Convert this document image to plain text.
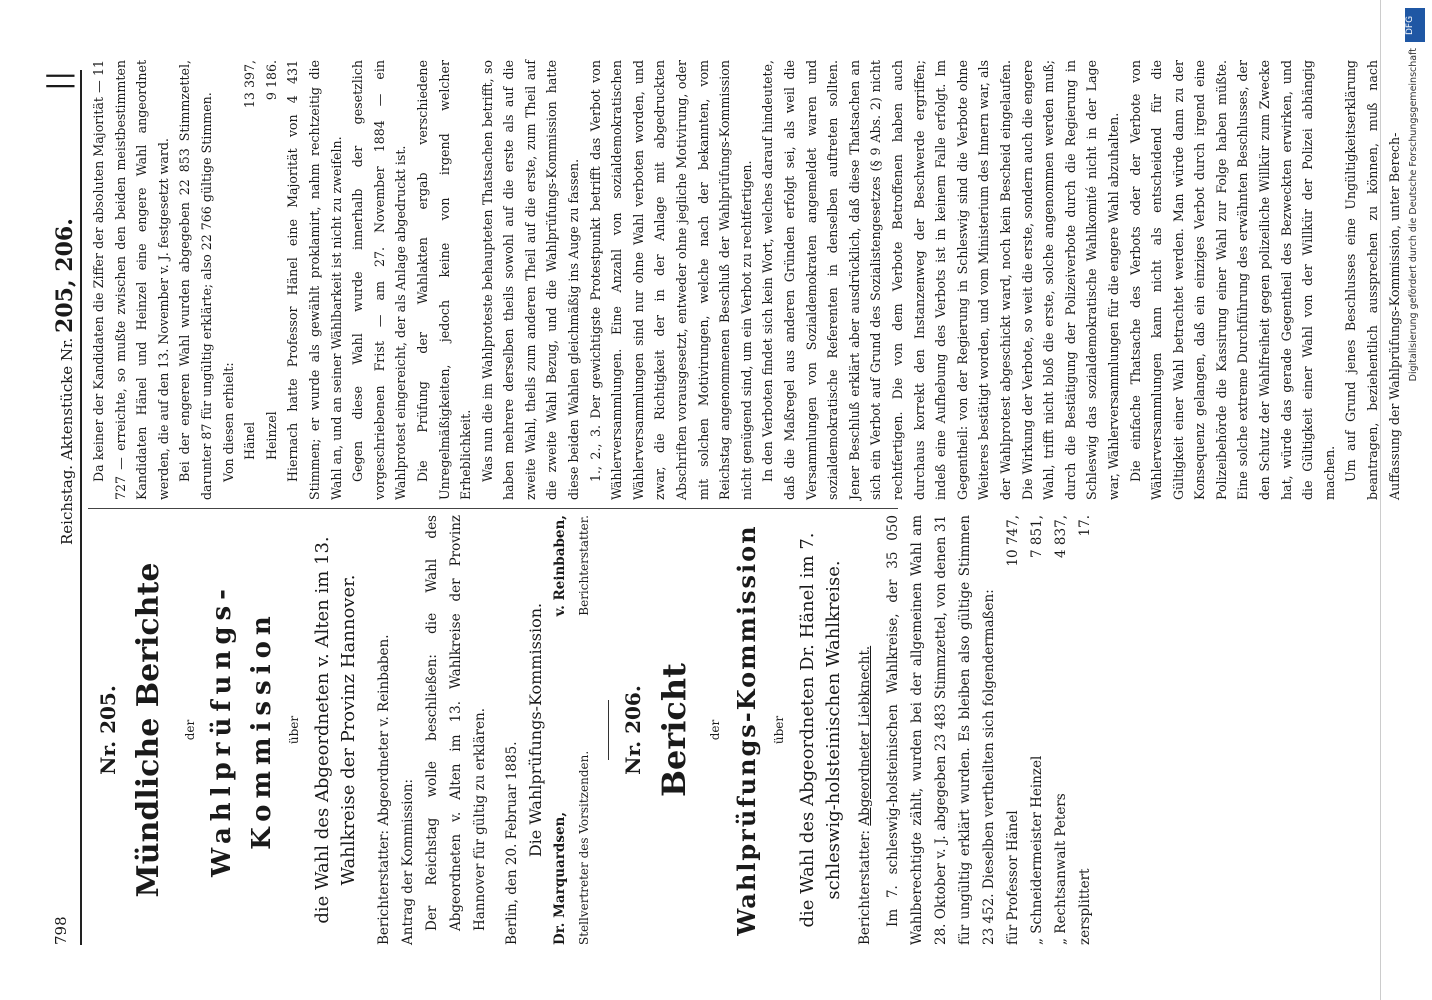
798
Reichstag. Aktenstücke Nr. 205, 206.
||
Nr. 205. Mündliche Berichte	der Wahlprüfungs-Kommission über die Wahl des Abgeordneten v. Alten im 13. Wahlkreise der Provinz Hannover. Berichterstatter: Abgeordneter v. Reinbaben. Antrag der Kommission: Der Reichstag wolle beschließen: die Wahl des Abgeordneten v. Alten im 13. Wahlkreise der Provinz Hannover für gültig zu erklären. Berlin, den 20. Februar 1885. Die Wahlprüfungs-Kommission.
Dr. Marquardsen,
v. Reinbaben,
Stellvertreter des Vorsitzenden.
Berichterstatter.
Nr. 206. Bericht	der Wahlprüfungs-Kommission über die Wahl des Abgeordneten Dr. Hänel im 7. schleswig-holsteinischen Wahlkreise. Berichterstatter: Abgeordneter Liebknecht. Im 7. schleswig-holsteinischen Wahlkreise, der 35 050 Wahlberechtigte zählt, wurden bei der allgemeinen Wahl am 28. Oktober v. J. abgegeben 23 483 Stimmzettel, von denen 31 für ungültig erklärt wurden. Es bleiben also gültige Stimmen 23 452. Dieselben vertheilten sich folgendermaßen: für Professor Hänel
10 747,
„ Schneidermeister Heinzel
7 851,
„ Rechtsanwalt Peters
4 837,
zersplittert
17.

Da keiner der Kandidaten die Ziffer der absoluten Majorität — 11 727 — erreichte, so mußte zwischen den beiden meistbestimmten Kandidaten Hänel und Heinzel eine engere Wahl angeordnet werden, die auf den 13. November v. J. festgesetzt ward. Bei der engeren Wahl wurden abgegeben 22 853 Stimmzettel, darunter 87 für ungültig erklärte; also 22 766 gültige Stimmen. Von diesen erhielt: Hänel
13 397,
Heinzel
9 186. Hiernach hatte Professor Hänel eine Majorität von 4 431 Stimmen; er wurde als gewählt proklamirt, nahm rechtzeitig die Wahl an, und an seiner Wählbarkeit ist nicht zu zweifeln. Gegen diese Wahl wurde innerhalb der gesetzlich vorgeschriebenen Frist — am 27. November 1884 — ein Wahlprotest eingereicht, der als Anlage abgedruckt ist. Die Prüfung der Wahlakten ergab verschiedene Unregelmäßigkeiten, jedoch keine von irgend welcher Erheblichkeit. Was nun die im Wahlproteste behaupteten Thatsachen betrifft, so haben mehrere derselben theils sowohl auf die erste als auf die zweite Wahl, theils zum anderen Theil auf die erste, zum Theil auf die zweite Wahl Bezug, und die Wahlprüfungs-Kommission hatte diese beiden Wahlen gleichmäßig ins Auge zu fassen. 1., 2., 3. Der gewichtigste Protestpunkt betrifft das Verbot von Wählerversammlungen. Eine Anzahl von sozialdemokratischen Wählerversammlungen sind nur ohne Wahl verboten worden, und zwar, die Richtigkeit der in der Anlage mit abgedruckten Abschriften vorausgesetzt, entweder ohne jegliche Motivirung, oder mit solchen Motivirungen, welche nach der bekannten, vom Reichstag angenommenen Beschluß der Wahlprüfungs-Kommission nicht genügend sind, um ein Verbot zu rechtfertigen. In den Verboten findet sich kein Wort, welches darauf hindeutete, daß die Maßregel aus anderen Gründen erfolgt sei, als weil die Versammlungen von Sozialdemokraten angemeldet waren und sozialdemokratische Referenten in denselben auftreten sollten. Jener Beschluß erklärt aber ausdrücklich, daß diese Thatsachen an sich ein Verbot auf Grund des Sozialistengesetzes (§ 9 Abs. 2) nicht rechtfertigen. Die von dem Verbote Betroffenen haben auch durchaus korrekt den Instanzenweg der Beschwerde ergriffen; indeß eine Aufhebung des Verbots ist in keinem Falle erfolgt. Im Gegentheil: von der Regierung in Schleswig sind die Verbote ohne Weiteres bestätigt worden, und vom Ministerium des Innern war, als der Wahlprotest abgeschickt ward, noch kein Bescheid eingelaufen. Die Wirkung der Verbote, so weit die erste, sondern auch die engere Wahl, trifft nicht bloß die erste, solche angenommen werden muß; durch die Bestätigung der Polizeiverbote durch die Regierung in Schleswig das sozialdemokratische Wahlkomité nicht in der Lage war, Wählerversammlungen für die engere Wahl abzuhalten. Die einfache Thatsache des Verbots oder der Verbote von Wählerversammlungen kann nicht als entscheidend für die Gültigkeit einer Wahl betrachtet werden. Man würde dann zu der Konsequenz gelangen, daß ein einziges Verbot durch irgend eine Polizeibehörde die Kassirung einer Wahl zur Folge haben müßte. Eine solche extreme Durchführung des erwähnten Beschlusses, der den Schutz der Wahlfreiheit gegen polizeiliche Willkür zum Zwecke hat, würde das gerade Gegentheil des Bezweckten erwirken, und die Gültigkeit einer Wahl von der Willkür der Polizei abhängig machen. Um auf Grund jenes Beschlusses eine Ungültigkeitserklärung beantragen, beziehentlich aussprechen zu können, muß nach Auffassung der Wahlprüfungs-Kommission, unter Berech-

DFG
Digitalisierung gefördert durch die Deutsche Forschungsgemeinschaft
